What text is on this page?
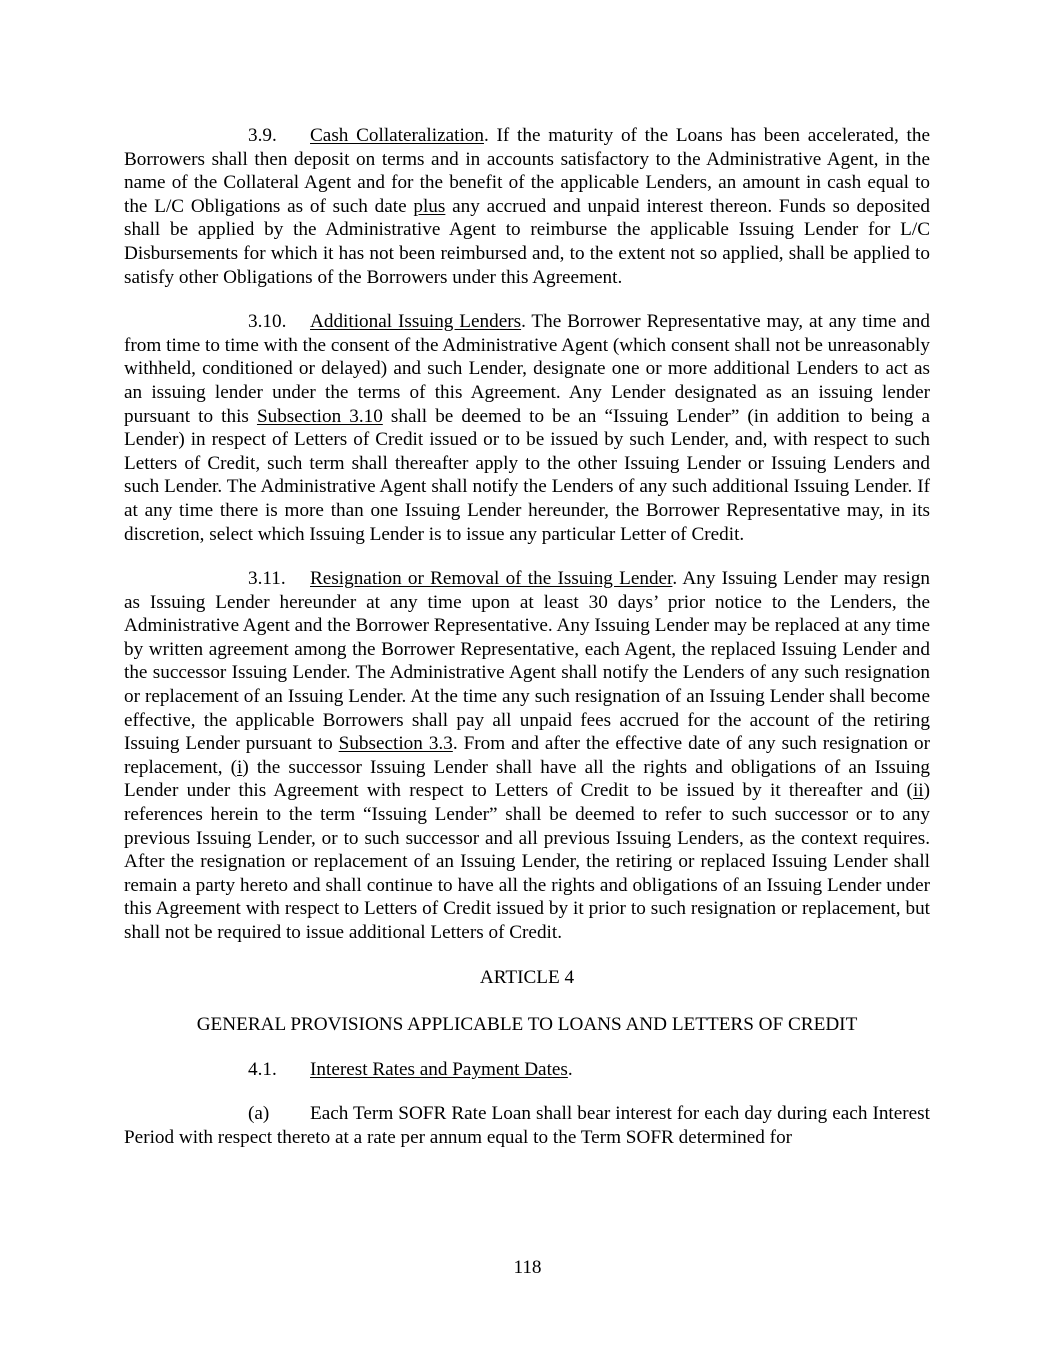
3.9. Cash Collateralization. If the maturity of the Loans has been accelerated, the Borrowers shall then deposit on terms and in accounts satisfactory to the Administrative Agent, in the name of the Collateral Agent and for the benefit of the applicable Lenders, an amount in cash equal to the L/C Obligations as of such date plus any accrued and unpaid interest thereon. Funds so deposited shall be applied by the Administrative Agent to reimburse the applicable Issuing Lender for L/C Disbursements for which it has not been reimbursed and, to the extent not so applied, shall be applied to satisfy other Obligations of the Borrowers under this Agreement.

3.10. Additional Issuing Lenders. The Borrower Representative may, at any time and from time to time with the consent of the Administrative Agent (which consent shall not be unreasonably withheld, conditioned or delayed) and such Lender, designate one or more additional Lenders to act as an issuing lender under the terms of this Agreement. Any Lender designated as an issuing lender pursuant to this Subsection 3.10 shall be deemed to be an “Issuing Lender” (in addition to being a Lender) in respect of Letters of Credit issued or to be issued by such Lender, and, with respect to such Letters of Credit, such term shall thereafter apply to the other Issuing Lender or Issuing Lenders and such Lender. The Administrative Agent shall notify the Lenders of any such additional Issuing Lender. If at any time there is more than one Issuing Lender hereunder, the Borrower Representative may, in its discretion, select which Issuing Lender is to issue any particular Letter of Credit.

3.11. Resignation or Removal of the Issuing Lender. Any Issuing Lender may resign as Issuing Lender hereunder at any time upon at least 30 days’ prior notice to the Lenders, the Administrative Agent and the Borrower Representative. Any Issuing Lender may be replaced at any time by written agreement among the Borrower Representative, each Agent, the replaced Issuing Lender and the successor Issuing Lender. The Administrative Agent shall notify the Lenders of any such resignation or replacement of an Issuing Lender. At the time any such resignation of an Issuing Lender shall become effective, the applicable Borrowers shall pay all unpaid fees accrued for the account of the retiring Issuing Lender pursuant to Subsection 3.3. From and after the effective date of any such resignation or replacement, (i) the successor Issuing Lender shall have all the rights and obligations of an Issuing Lender under this Agreement with respect to Letters of Credit to be issued by it thereafter and (ii) references herein to the term “Issuing Lender” shall be deemed to refer to such successor or to any previous Issuing Lender, or to such successor and all previous Issuing Lenders, as the context requires. After the resignation or replacement of an Issuing Lender, the retiring or replaced Issuing Lender shall remain a party hereto and shall continue to have all the rights and obligations of an Issuing Lender under this Agreement with respect to Letters of Credit issued by it prior to such resignation or replacement, but shall not be required to issue additional Letters of Credit.

ARTICLE 4

GENERAL PROVISIONS APPLICABLE TO LOANS AND LETTERS OF CREDIT

4.1. Interest Rates and Payment Dates.

(a) Each Term SOFR Rate Loan shall bear interest for each day during each Interest Period with respect thereto at a rate per annum equal to the Term SOFR determined for

118
